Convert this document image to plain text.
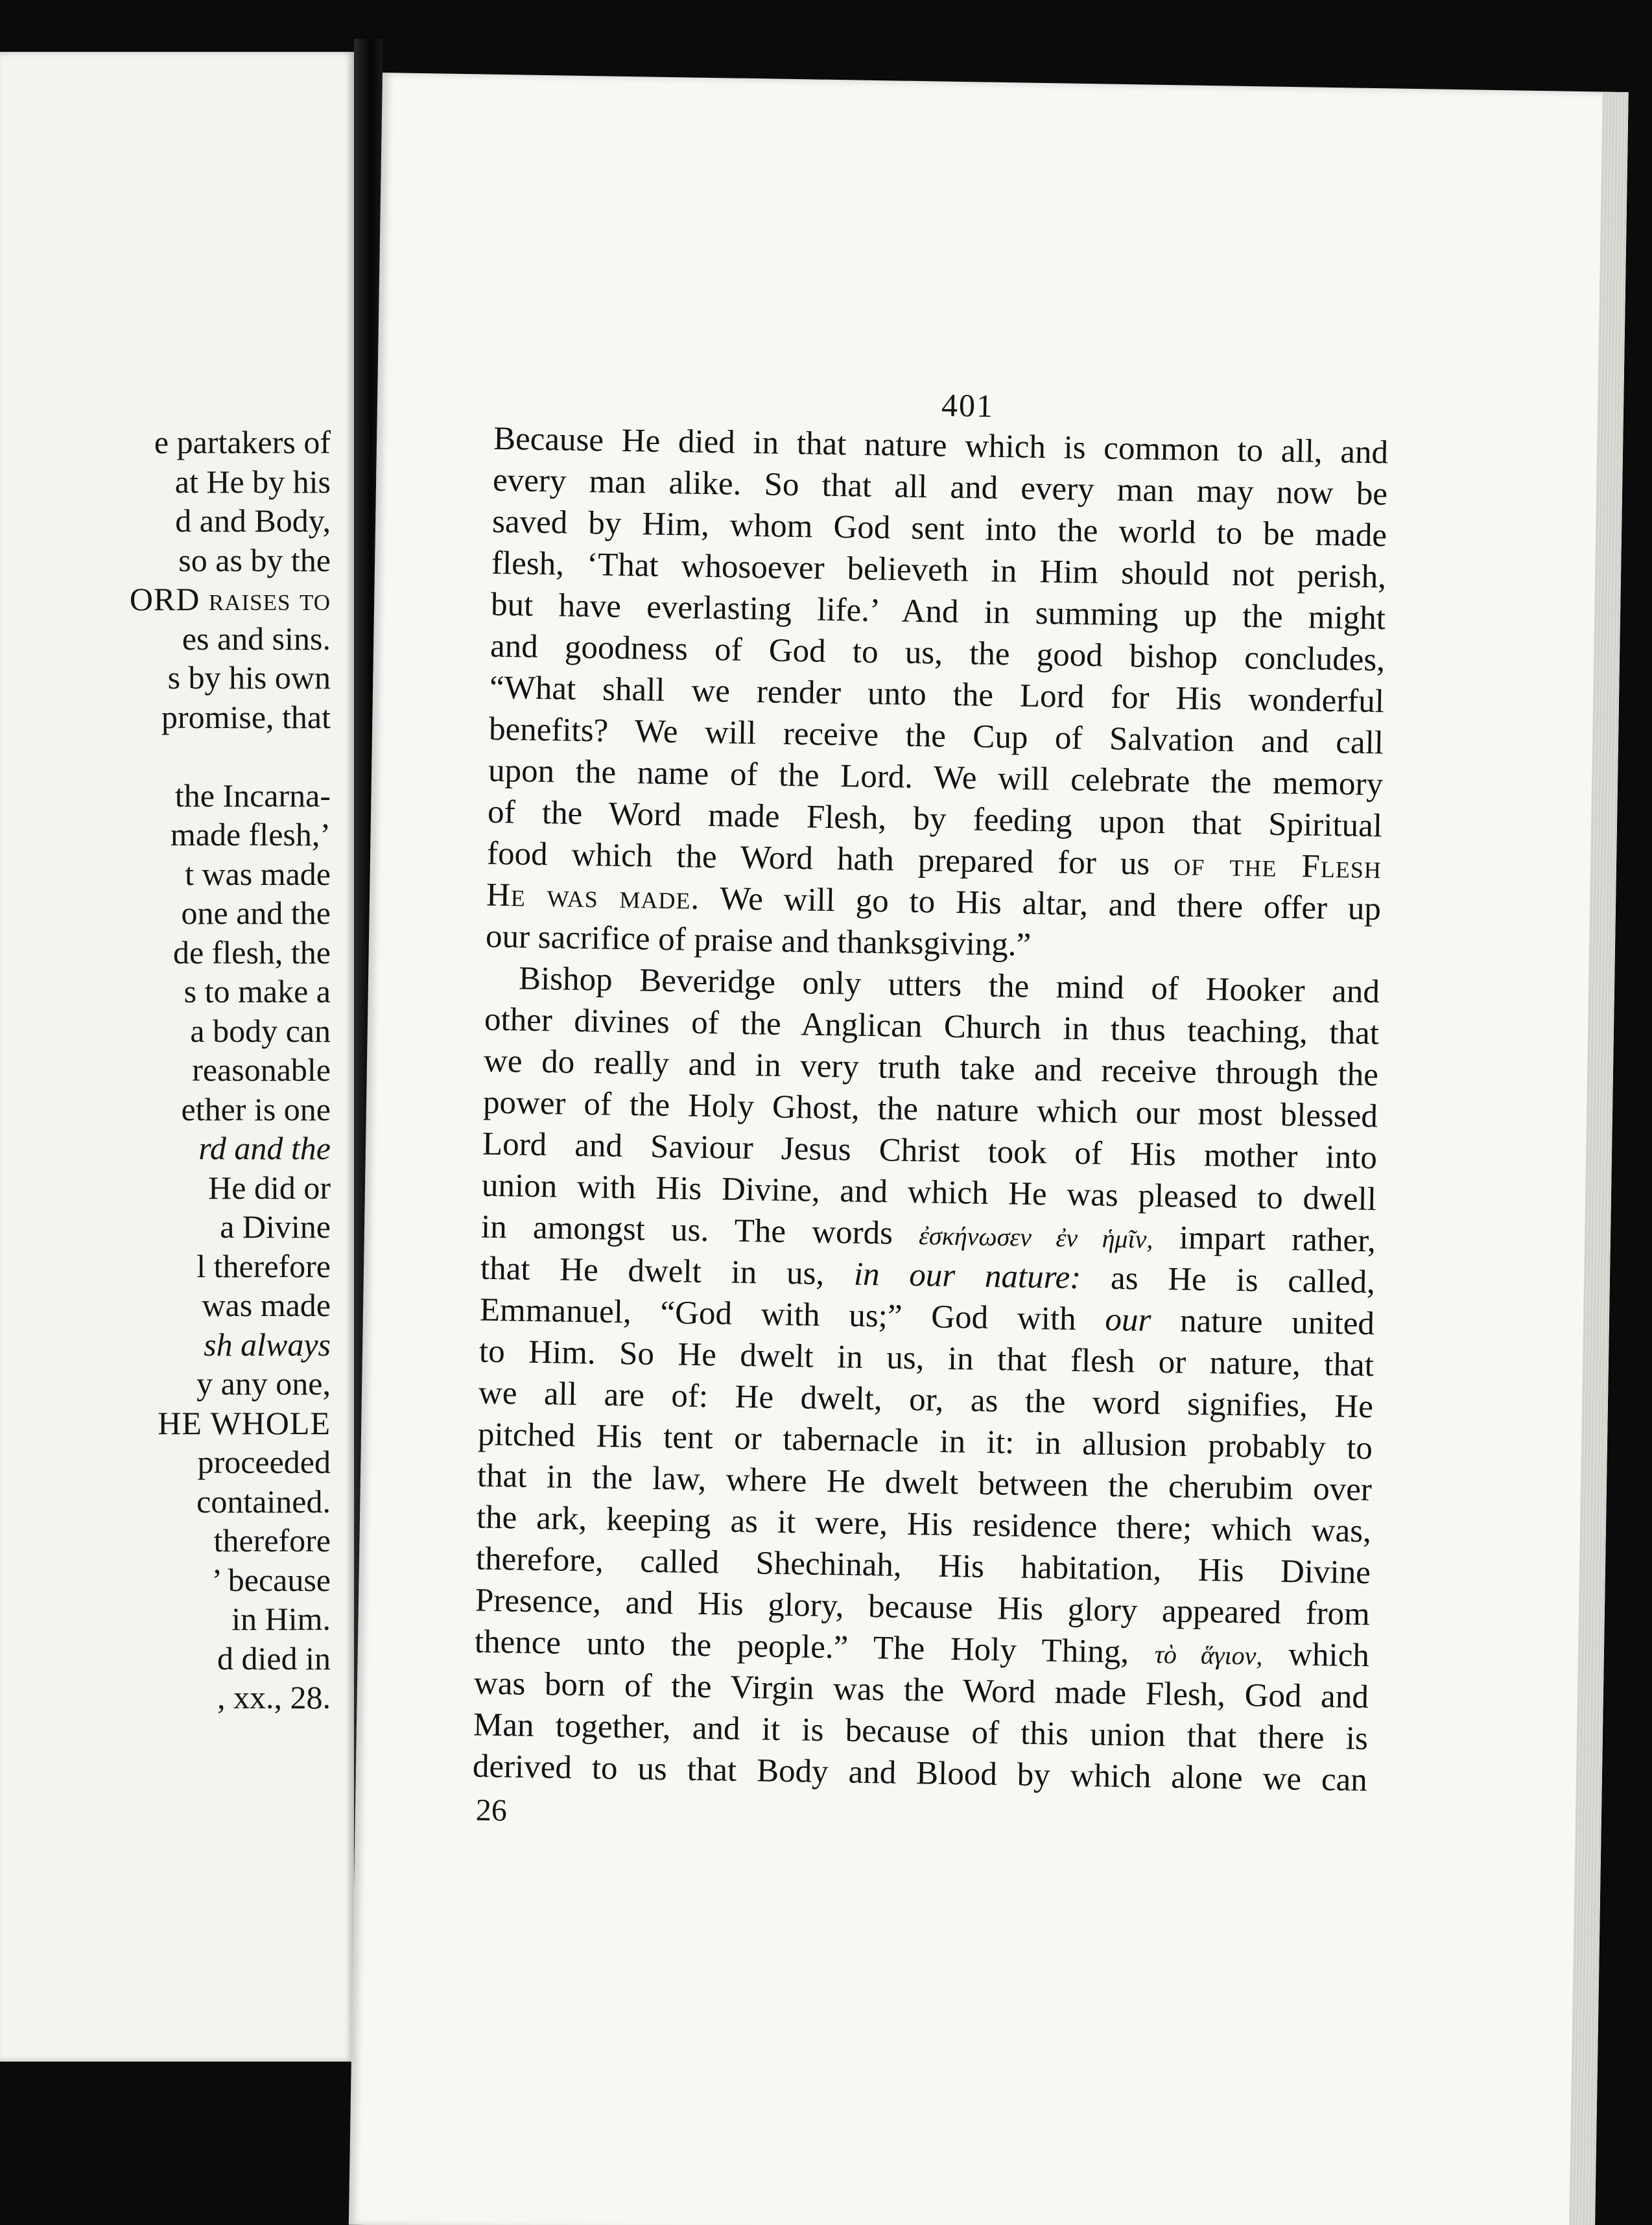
e partakers of
at He by his
d and Body,
so as by the
ORD raises to
es and sins.
s by his own
promise, that
the Incarna-
made flesh,’
t was made
one and the
de flesh, the
s to make a
a body can
reasonable
ether is one
rd and the
He did or
a Divine
l therefore
was made
sh always
y any one,
HE WHOLE
proceeded
contained.
therefore
’ because
in Him.
d died in
, xx., 28.
401
Because He died in that nature which is common to all, and
every man alike. So that all and every man may now be
saved by Him, whom God sent into the world to be made
flesh, ‘That whosoever believeth in Him should not perish,
but have everlasting life.’ And in summing up the might
and goodness of God to us, the good bishop concludes,
“What shall we render unto the Lord for His wonderful
benefits? We will receive the Cup of Salvation and call
upon the name of the Lord. We will celebrate the memory
of the Word made Flesh, by feeding upon that Spiritual
food which the Word hath prepared for us of the Flesh
He was made. We will go to His altar, and there offer up
our sacrifice of praise and thanksgiving.”
Bishop Beveridge only utters the mind of Hooker and
other divines of the Anglican Church in thus teaching, that
we do really and in very truth take and receive through the
power of the Holy Ghost, the nature which our most blessed
Lord and Saviour Jesus Christ took of His mother into
union with His Divine, and which He was pleased to dwell
in amongst us. The words ἐσκήνωσεν ἐν ἡμῖν, impart rather,
that He dwelt in us, in our nature: as He is called,
Emmanuel, “God with us;” God with our nature united
to Him. So He dwelt in us, in that flesh or nature, that
we all are of: He dwelt, or, as the word signifies, He
pitched His tent or tabernacle in it: in allusion probably to
that in the law, where He dwelt between the cherubim over
the ark, keeping as it were, His residence there; which was,
therefore, called Shechinah, His habitation, His Divine
Presence, and His glory, because His glory appeared from
thence unto the people.” The Holy Thing, τὸ ἅγιον, which
was born of the Virgin was the Word made Flesh, God and
Man together, and it is because of this union that there is
derived to us that Body and Blood by which alone we can
26
